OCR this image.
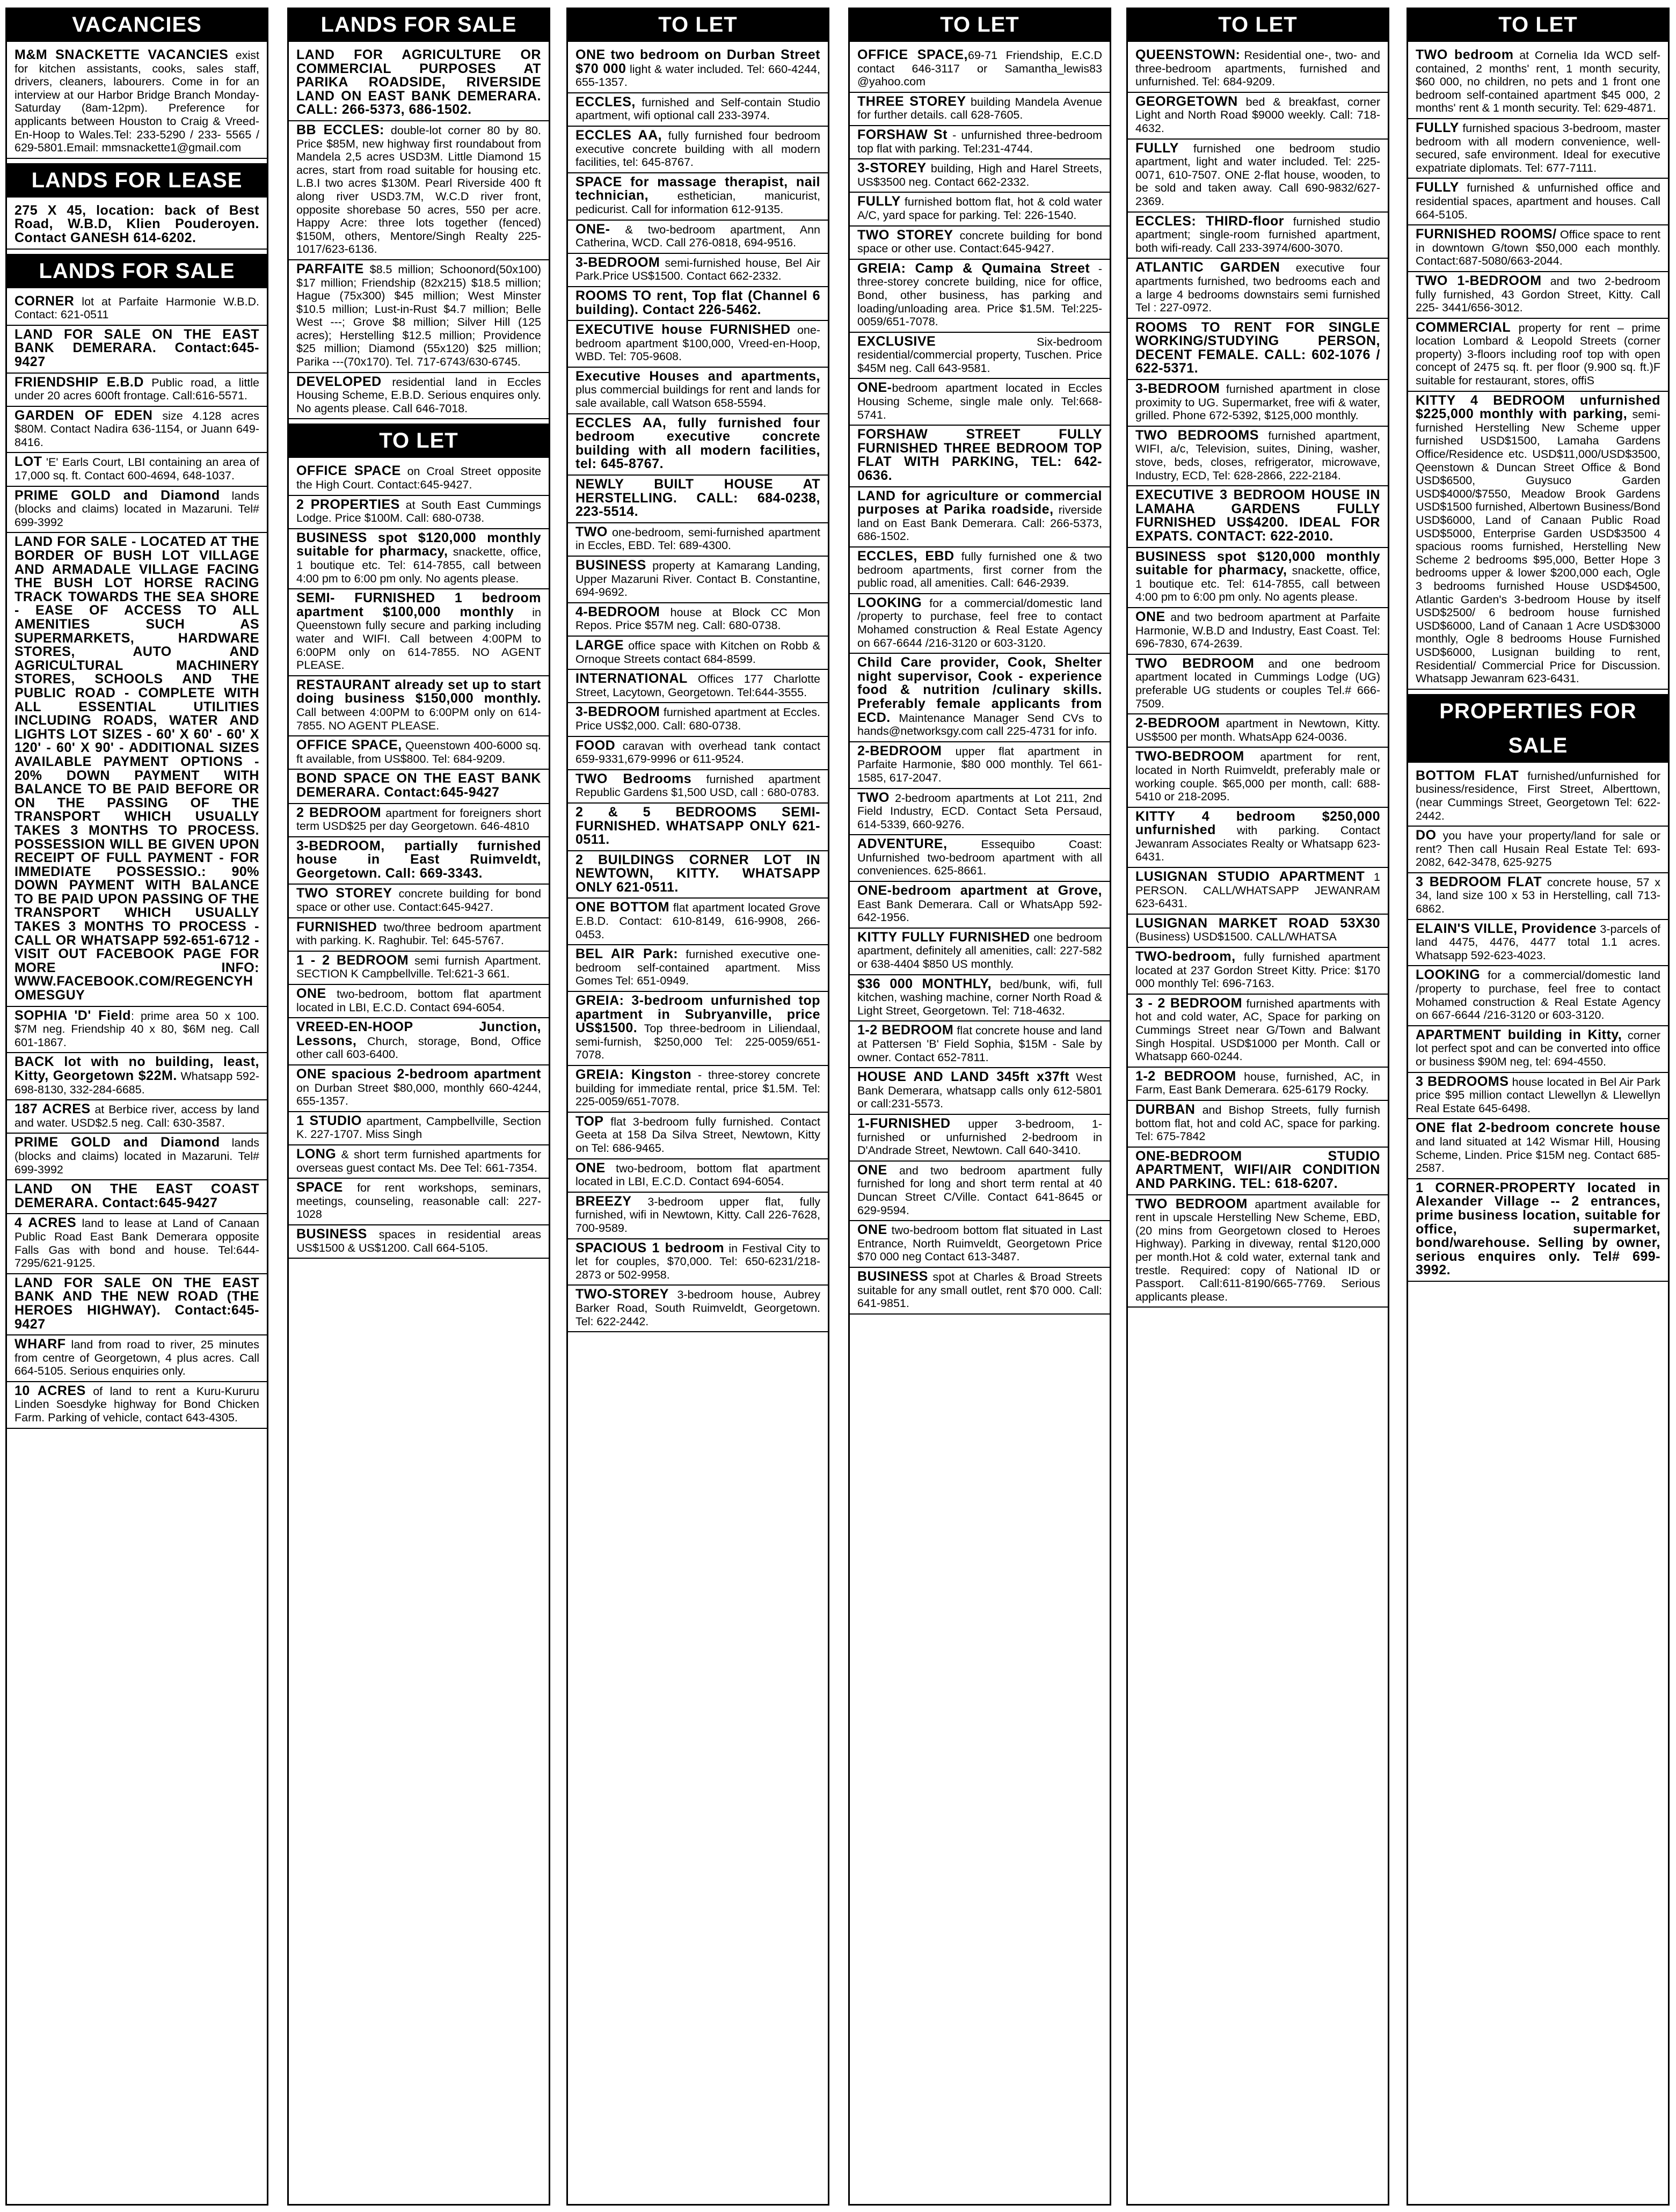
VACANCIES
M&M SNACKETTE VACANCIES exist for kitchen assistants, cooks, sales staff, drivers, cleaners, labourers. Come in for an interview at our Harbor Bridge Branch Monday-Saturday (8am-12pm). Preference for applicants between Houston to Craig & Vreed-En-Hoop to Wales.Tel: 233-5290 / 233- 5565 / 629-5801.Email: mmsnackette1@gmail.com
LANDS FOR LEASE
275 X 45, location: back of Best Road, W.B.D, Klien Pouderoyen. Contact GANESH 614-6202.
LANDS FOR SALE
CORNER lot at Parfaite Harmonie W.B.D. Contact: 621-0511
LAND FOR SALE ON THE EAST BANK DEMERARA. Contact:645-9427
FRIENDSHIP E.B.D Public road, a little under 20 acres 600ft frontage. Call:616-5571.
GARDEN OF EDEN size 4.128 acres $80M. Contact Nadira 636-1154, or Juann 649-8416.
LOT 'E' Earls Court, LBI containing an area of 17,000 sq. ft. Contact 600-4694, 648-1037.
PRIME GOLD and Diamond lands (blocks and claims) located in Mazaruni. Tel# 699-3992
LAND FOR SALE - LOCATED AT THE BORDER OF BUSH LOT VILLAGE AND ARMADALE VILLAGE FACING THE BUSH LOT HORSE RACING TRACK TOWARDS THE SEA SHORE - EASE OF ACCESS TO ALL AMENITIES SUCH AS SUPERMARKETS, HARDWARE STORES, AUTO AND AGRICULTURAL MACHINERY STORES, SCHOOLS AND THE PUBLIC ROAD - COMPLETE WITH ALL ESSENTIAL UTILITIES INCLUDING ROADS, WATER AND LIGHTS LOT SIZES - 60' X 60' - 60' X 120' - 60' X 90' - ADDITIONAL SIZES AVAILABLE PAYMENT OPTIONS - 20% DOWN PAYMENT WITH BALANCE TO BE PAID BEFORE OR ON THE PASSING OF THE TRANSPORT WHICH USUALLY TAKES 3 MONTHS TO PROCESS. POSSESSION WILL BE GIVEN UPON RECEIPT OF FULL PAYMENT - FOR IMMEDIATE POSSESSIO.: 90% DOWN PAYMENT WITH BALANCE TO BE PAID UPON PASSING OF THE TRANSPORT WHICH USUALLY TAKES 3 MONTHS TO PROCESS - CALL OR WHATSAPP 592-651-6712 - VISIT OUT FACEBOOK PAGE FOR MORE INFO: WWW.FACEBOOK.COM/REGENCYHOMESGUY
SOPHIA 'D' Field: prime area 50 x 100. $7M neg. Friendship 40 x 80, $6M neg. Call 601-1867.
BACK lot with no building, least, Kitty, Georgetown $22M. Whatsapp 592-698-8130, 332-284-6685.
187 ACRES at Berbice river, access by land and water. USD$2.5 neg. Call: 630-3587.
PRIME GOLD and Diamond lands (blocks and claims) located in Mazaruni. Tel# 699-3992
LAND ON THE EAST COAST DEMERARA. Contact:645-9427
4 ACRES land to lease at Land of Canaan Public Road East Bank Demerara opposite Falls Gas with bond and house. Tel:644-7295/621-9125.
LAND FOR SALE ON THE EAST BANK AND THE NEW ROAD (THE HEROES HIGHWAY). Contact:645-9427
WHARF land from road to river, 25 minutes from centre of Georgetown, 4 plus acres. Call 664-5105. Serious enquiries only.
10 ACRES of land to rent a Kuru-Kururu Linden Soesdyke highway for Bond Chicken Farm. Parking of vehicle, contact 643-4305.
LANDS FOR SALE
LAND FOR AGRICULTURE OR COMMERCIAL PURPOSES AT PARIKA ROADSIDE, RIVERSIDE LAND ON EAST BANK DEMERARA. CALL: 266-5373, 686-1502.
BB ECCLES: double-lot corner 80 by 80. Price $85M, new highway first roundabout from Mandela 2,5 acres USD3M. Little Diamond 15 acres, start from road suitable for housing etc. L.B.I two acres $130M. Pearl Riverside 400 ft along river USD3.7M, W.C.D river front, opposite shorebase 50 acres, 550 per acre. Happy Acre: three lots together (fenced) $150M, others, Mentore/Singh Realty 225-1017/623-6136.
PARFAITE $8.5 million; Schoonord(50x100) $17 million; Friendship (82x215) $18.5 million; Hague (75x300) $45 million; West Minster $10.5 million; Lust-in-Rust $4.7 million; Belle West ---; Grove $8 million; Silver Hill (125 acres); Herstelling $12.5 million; Providence $25 million; Diamond (55x120) $25 million; Parika ---(70x170). Tel. 717-6743/630-6745.
DEVELOPED residential land in Eccles Housing Scheme, E.B.D. Serious enquires only. No agents please. Call 646-7018.
TO LET
OFFICE SPACE on Croal Street opposite the High Court. Contact:645-9427.
2 PROPERTIES at South East Cummings Lodge. Price $100M. Call: 680-0738.
BUSINESS spot $120,000 monthly suitable for pharmacy, snackette, office, 1 boutique etc. Tel: 614-7855, call between 4:00 pm to 6:00 pm only. No agents please.
SEMI- FURNISHED 1 bedroom apartment $100,000 monthly in Queenstown fully secure and parking including water and WIFI. Call between 4:00PM to 6:00PM only on 614-7855. NO AGENT PLEASE.
RESTAURANT already set up to start doing business $150,000 monthly. Call between 4:00PM to 6:00PM only on 614-7855. NO AGENT PLEASE.
OFFICE SPACE, Queenstown 400-6000 sq. ft available, from US$800. Tel: 684-9209.
BOND SPACE ON THE EAST BANK DEMERARA. Contact:645-9427
2 BEDROOM apartment for foreigners short term USD$25 per day Georgetown. 646-4810
3-BEDROOM, partially furnished house in East Ruimveldt, Georgetown. Call: 669-3343.
TWO STOREY concrete building for bond space or other use. Contact:645-9427.
FURNISHED two/three bedroom apartment with parking. K. Raghubir. Tel: 645-5767.
1 - 2 BEDROOM semi furnish Apartment. SECTION K Campbellville. Tel:621-3 661.
ONE two-bedroom, bottom flat apartment located in LBI, E.C.D. Contact 694-6054.
VREED-EN-HOOP Junction, Lessons, Church, storage, Bond, Office other call 603-6400.
ONE spacious 2-bedroom apartment on Durban Street $80,000, monthly 660-4244, 655-1357.
1 STUDIO apartment, Campbellville, Section K. 227-1707. Miss Singh
LONG & short term furnished apartments for overseas guest contact Ms. Dee Tel: 661-7354.
SPACE for rent workshops, seminars, meetings, counseling, reasonable call: 227-1028
BUSINESS spaces in residential areas US$1500 & US$1200. Call 664-5105.
TO LET
ONE two bedroom on Durban Street $70 000 light & water included. Tel: 660-4244, 655-1357.
ECCLES, furnished and Self-contain Studio apartment, wifi optional call 233-3974.
ECCLES AA, fully furnished four bedroom executive concrete building with all modern facilities, tel: 645-8767.
SPACE for massage therapist, nail technician, esthetician, manicurist, pedicurist. Call for information 612-9135.
ONE- & two-bedroom apartment, Ann Catherina, WCD. Call 276-0818, 694-9516.
3-BEDROOM semi-furnished house, Bel Air Park.Price US$1500. Contact 662-2332.
ROOMS TO rent, Top flat (Channel 6 building). Contact 226-5462.
EXECUTIVE house FURNISHED one-bedroom apartment $100,000, Vreed-en-Hoop, WBD. Tel: 705-9608.
Executive Houses and apartments, plus commercial buildings for rent and lands for sale available, call Watson 658-5594.
ECCLES AA, fully furnished four bedroom executive concrete building with all modern facilities, tel: 645-8767.
NEWLY BUILT HOUSE AT HERSTELLING. CALL: 684-0238, 223-5514.
TWO one-bedroom, semi-furnished apartment in Eccles, EBD. Tel: 689-4300.
BUSINESS property at Kamarang Landing, Upper Mazaruni River. Contact B. Constantine, 694-9692.
4-BEDROOM house at Block CC Mon Repos. Price $57M neg. Call: 680-0738.
LARGE office space with Kitchen on Robb & Ornoque Streets contact 684-8599.
INTERNATIONAL Offices 177 Charlotte Street, Lacytown, Georgetown. Tel:644-3555.
3-BEDROOM furnished apartment at Eccles. Price US$2,000. Call: 680-0738.
FOOD caravan with overhead tank contact 659-9331,679-9996 or 611-9524.
TWO Bedrooms furnished apartment Republic Gardens $1,500 USD, call : 680-0783.
2 & 5 BEDROOMS SEMI-FURNISHED. WHATSAPP ONLY 621-0511.
2 BUILDINGS CORNER LOT IN NEWTOWN, KITTY. WHATSAPP ONLY 621-0511.
ONE BOTTOM flat apartment located Grove E.B.D. Contact: 610-8149, 616-9908, 266-0453.
BEL AIR Park: furnished executive one-bedroom self-contained apartment. Miss Gomes Tel: 651-0949.
GREIA: 3-bedroom unfurnished top apartment in Subryanville, price US$1500. Top three-bedroom in Liliendaal, semi-furnish, $250,000 Tel: 225-0059/651-7078.
GREIA: Kingston - three-storey concrete building for immediate rental, price $1.5M. Tel: 225-0059/651-7078.
TOP flat 3-bedroom fully furnished. Contact Geeta at 158 Da Silva Street, Newtown, Kitty on Tel: 686-9465.
ONE two-bedroom, bottom flat apartment located in LBI, E.C.D. Contact 694-6054.
BREEZY 3-bedroom upper flat, fully furnished, wifi in Newtown, Kitty. Call 226-7628, 700-9589.
SPACIOUS 1 bedroom in Festival City to let for couples, $70,000. Tel: 650-6231/218-2873 or 502-9958.
TWO-STOREY 3-bedroom house, Aubrey Barker Road, South Ruimveldt, Georgetown. Tel: 622-2442.
TO LET
OFFICE SPACE,69-71 Friendship, E.C.D contact 646-3117 or Samantha_lewis83 @yahoo.com
THREE STOREY building Mandela Avenue for further details. call 628-7605.
FORSHAW St - unfurnished three-bedroom top flat with parking. Tel:231-4744.
3-STOREY building, High and Harel Streets, US$3500 neg. Contact 662-2332.
FULLY furnished bottom flat, hot & cold water A/C, yard space for parking. Tel: 226-1540.
TWO STOREY concrete building for bond space or other use. Contact:645-9427.
GREIA: Camp & Qumaina Street - three-storey concrete building, nice for office, Bond, other business, has parking and loading/unloading area. Price $1.5M. Tel:225-0059/651-7078.
EXCLUSIVE Six-bedroom residential/commercial property, Tuschen. Price $45M neg. Call 643-9581.
ONE-bedroom apartment located in Eccles Housing Scheme, single male only. Tel:668-5741.
FORSHAW STREET FULLY FURNISHED THREE BEDROOM TOP FLAT WITH PARKING, TEL: 642-0636.
LAND for agriculture or commercial purposes at Parika roadside, riverside land on East Bank Demerara. Call: 266-5373, 686-1502.
ECCLES, EBD fully furnished one & two bedroom apartments, first corner from the public road, all amenities. Call: 646-2939.
LOOKING for a commercial/domestic land /property to purchase, feel free to contact Mohamed construction & Real Estate Agency on 667-6644 /216-3120 or 603-3120.
Child Care provider, Cook, Shelter night supervisor, Cook - experience food & nutrition /culinary skills. Preferably female applicants from ECD. Maintenance Manager Send CVs to hands@networksgy.com call 225-4731 for info.
2-BEDROOM upper flat apartment in Parfaite Harmonie, $80 000 monthly. Tel 661-1585, 617-2047.
TWO 2-bedroom apartments at Lot 211, 2nd Field Industry, ECD. Contact Seta Persaud, 614-5339, 660-9276.
ADVENTURE, Essequibo Coast: Unfurnished two-bedroom apartment with all conveniences. 625-8661.
ONE-bedroom apartment at Grove, East Bank Demerara. Call or WhatsApp 592-642-1956.
KITTY FULLY FURNISHED one bedroom apartment, definitely all amenities, call: 227-582 or 638-4404 $850 US monthly.
$36 000 MONTHLY, bed/bunk, wifi, full kitchen, washing machine, corner North Road & Light Street, Georgetown. Tel: 718-4632.
1-2 BEDROOM flat concrete house and land at Pattersen 'B' Field Sophia, $15M - Sale by owner. Contact 652-7811.
HOUSE AND LAND 345ft x37ft West Bank Demerara, whatsapp calls only 612-5801 or call:231-5573.
1-FURNISHED upper 3-bedroom, 1-furnished or unfurnished 2-bedroom in D'Andrade Street, Newtown. Call 640-3410.
ONE and two bedroom apartment fully furnished for long and short term rental at 40 Duncan Street C/Ville. Contact 641-8645 or 629-9594.
ONE two-bedroom bottom flat situated in Last Entrance, North Ruimveldt, Georgetown Price $70 000 neg Contact 613-3487.
BUSINESS spot at Charles & Broad Streets suitable for any small outlet, rent $70 000. Call: 641-9851.
TO LET
QUEENSTOWN: Residential one-, two- and three-bedroom apartments, furnished and unfurnished. Tel: 684-9209.
GEORGETOWN bed & breakfast, corner Light and North Road $9000 weekly. Call: 718-4632.
FULLY furnished one bedroom studio apartment, light and water included. Tel: 225-0071, 610-7507. ONE 2-flat house, wooden, to be sold and taken away. Call 690-9832/627-2369.
ECCLES: THIRD-floor furnished studio apartment; single-room furnished apartment, both wifi-ready. Call 233-3974/600-3070.
ATLANTIC GARDEN executive four apartments furnished, two bedrooms each and a large 4 bedrooms downstairs semi furnished Tel : 227-0972.
ROOMS TO RENT FOR SINGLE WORKING/STUDYING PERSON, DECENT FEMALE. CALL: 602-1076 / 622-5371.
3-BEDROOM furnished apartment in close proximity to UG. Supermarket, free wifi & water, grilled. Phone 672-5392, $125,000 monthly.
TWO BEDROOMS furnished apartment, WIFI, a/c, Television, suites, Dining, washer, stove, beds, closes, refrigerator, microwave, Industry, ECD, Tel: 628-2866, 222-2184.
EXECUTIVE 3 BEDROOM HOUSE IN LAMAHA GARDENS FULLY FURNISHED US$4200. IDEAL FOR EXPATS. CONTACT: 622-2010.
BUSINESS spot $120,000 monthly suitable for pharmacy, snackette, office, 1 boutique etc. Tel: 614-7855, call between 4:00 pm to 6:00 pm only. No agents please.
ONE and two bedroom apartment at Parfaite Harmonie, W.B.D and Industry, East Coast. Tel: 696-7830, 674-2639.
TWO BEDROOM and one bedroom apartment located in Cummings Lodge (UG) preferable UG students or couples Tel.# 666-7509.
2-BEDROOM apartment in Newtown, Kitty. US$500 per month. WhatsApp 624-0036.
TWO-BEDROOM apartment for rent, located in North Ruimveldt, preferably male or working couple. $65,000 per month, call: 688-5410 or 218-2095.
KITTY 4 bedroom $250,000 unfurnished with parking. Contact Jewanram Associates Realty or Whatsapp 623-6431.
LUSIGNAN STUDIO APARTMENT 1 PERSON. CALL/WHATSAPP JEWANRAM 623-6431.
LUSIGNAN MARKET ROAD 53X30 (Business) USD$1500. CALL/WHATSA
TWO-bedroom, fully furnished apartment located at 237 Gordon Street Kitty. Price: $170 000 monthly Tel: 696-7163.
3 - 2 BEDROOM furnished apartments with hot and cold water, AC, Space for parking on Cummings Street near G/Town and Balwant Singh Hospital. USD$1000 per Month. Call or Whatsapp 660-0244.
1-2 BEDROOM house, furnished, AC, in Farm, East Bank Demerara. 625-6179 Rocky.
DURBAN and Bishop Streets, fully furnish bottom flat, hot and cold AC, space for parking. Tel: 675-7842
ONE-BEDROOM STUDIO APARTMENT, WIFI/AIR CONDITION AND PARKING. TEL: 618-6207.
TWO BEDROOM apartment available for rent in upscale Herstelling New Scheme, EBD, (20 mins from Georgetown closed to Heroes Highway). Parking in diveway, rental $120,000 per month.Hot & cold water, external tank and trestle. Required: copy of National ID or Passport. Call:611-8190/665-7769. Serious applicants please.
TO LET
TWO bedroom at Cornelia Ida WCD self-contained, 2 months' rent, 1 month security, $60 000, no children, no pets and 1 front one bedroom self-contained apartment $45 000, 2 months' rent & 1 month security. Tel: 629-4871.
FULLY furnished spacious 3-bedroom, master bedroom with all modern convenience, well-secured, safe environment. Ideal for executive expatriate diplomats. Tel: 677-7111.
FULLY furnished & unfurnished office and residential spaces, apartment and houses. Call 664-5105.
FURNISHED ROOMS/ Office space to rent in downtown G/town $50,000 each monthly. Contact:687-5080/663-2044.
TWO 1-BEDROOM and two 2-bedroom fully furnished, 43 Gordon Street, Kitty. Call 225- 3441/656-3012.
COMMERCIAL property for rent – prime location Lombard & Leopold Streets (corner property) 3-floors including roof top with open concept of 2475 sq. ft. per floor (9.900 sq. ft.)F suitable for restaurant, stores, offiS
KITTY 4 BEDROOM unfurnished $225,000 monthly with parking, semi-furnished Herstelling New Scheme upper furnished USD$1500, Lamaha Gardens Office/Residence etc. USD$11,000/USD$3500, Qeenstown & Duncan Street Office & Bond USD$6500, Guysuco Garden USD$4000/$7550, Meadow Brook Gardens USD$1500 furnished, Albertown Business/Bond USD$6000, Land of Canaan Public Road USD$5000, Enterprise Garden USD$3500 4 spacious rooms furnished, Herstelling New Scheme 2 bedrooms $95,000, Better Hope 3 bedrooms upper & lower $200,000 each, Ogle 3 bedrooms furnished House USD$4500, Atlantic Garden's 3-bedroom House by itself USD$2500/ 6 bedroom house furnished USD$6000, Land of Canaan 1 Acre USD$3000 monthly, Ogle 8 bedrooms House Furnished USD$6000, Lusignan building to rent, Residential/ Commercial Price for Discussion. Whatsapp Jewanram 623-6431.
PROPERTIES FOR SALE
BOTTOM FLAT furnished/unfurnished for business/residence, First Street, Alberttown, (near Cummings Street, Georgetown Tel: 622-2442.
DO you have your property/land for sale or rent? Then call Husain Real Estate Tel: 693-2082, 642-3478, 625-9275
3 BEDROOM FLAT concrete house, 57 x 34, land size 100 x 53 in Herstelling, call 713-6862.
ELAIN'S VILLE, Providence 3-parcels of land 4475, 4476, 4477 total 1.1 acres. Whatsapp 592-623-4023.
LOOKING for a commercial/domestic land /property to purchase, feel free to contact Mohamed construction & Real Estate Agency on 667-6644 /216-3120 or 603-3120.
APARTMENT building in Kitty, corner lot perfect spot and can be converted into office or business $90M neg, tel: 694-4550.
3 BEDROOMS house located in Bel Air Park price $95 million contact Llewellyn & Llewellyn Real Estate 645-6498.
ONE flat 2-bedroom concrete house and land situated at 142 Wismar Hill, Housing Scheme, Linden. Price $15M neg. Contact 685-2587.
1 CORNER-PROPERTY located in Alexander Village -- 2 entrances, prime business location, suitable for office, supermarket, bond/warehouse. Selling by owner, serious enquires only. Tel# 699-3992.
